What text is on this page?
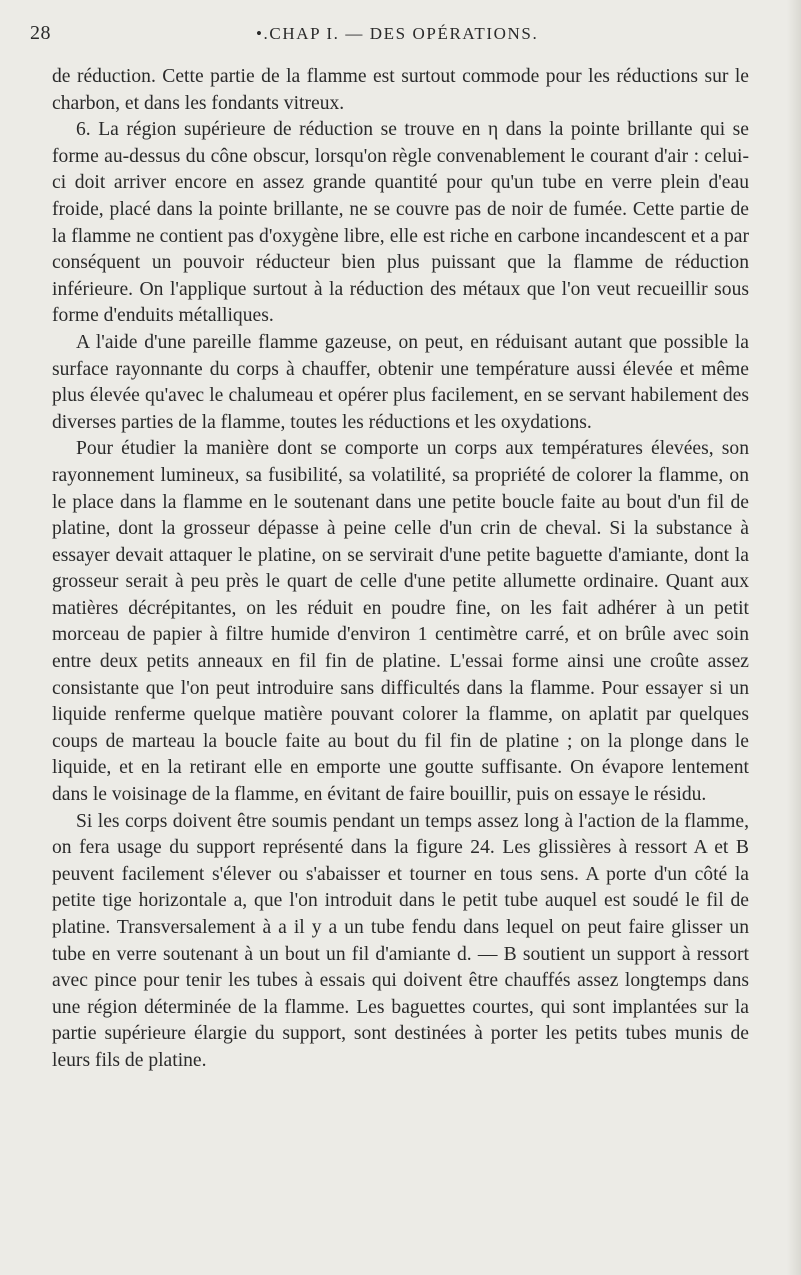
28	•.CHAP I. — DES OPÉRATIONS.

de réduction. Cette partie de la flamme est surtout commode pour les réductions sur le charbon, et dans les fondants vitreux.

6. La région supérieure de réduction se trouve en η dans la pointe brillante qui se forme au-dessus du cône obscur, lorsqu'on règle convenablement le courant d'air : celui-ci doit arriver encore en assez grande quantité pour qu'un tube en verre plein d'eau froide, placé dans la pointe brillante, ne se couvre pas de noir de fumée. Cette partie de la flamme ne contient pas d'oxygène libre, elle est riche en carbone incandescent et a par conséquent un pouvoir réducteur bien plus puissant que la flamme de réduction inférieure. On l'applique surtout à la réduction des métaux que l'on veut recueillir sous forme d'enduits métalliques.

A l'aide d'une pareille flamme gazeuse, on peut, en réduisant autant que possible la surface rayonnante du corps à chauffer, obtenir une température aussi élevée et même plus élevée qu'avec le chalumeau et opérer plus facilement, en se servant habilement des diverses parties de la flamme, toutes les réductions et les oxydations.

Pour étudier la manière dont se comporte un corps aux températures élevées, son rayonnement lumineux, sa fusibilité, sa volatilité, sa propriété de colorer la flamme, on le place dans la flamme en le soutenant dans une petite boucle faite au bout d'un fil de platine, dont la grosseur dépasse à peine celle d'un crin de cheval. Si la substance à essayer devait attaquer le platine, on se servirait d'une petite baguette d'amiante, dont la grosseur serait à peu près le quart de celle d'une petite allumette ordinaire. Quant aux matières décrépitantes, on les réduit en poudre fine, on les fait adhérer à un petit morceau de papier à filtre humide d'environ 1 centimètre carré, et on brûle avec soin entre deux petits anneaux en fil fin de platine. L'essai forme ainsi une croûte assez consistante que l'on peut introduire sans difficultés dans la flamme. Pour essayer si un liquide renferme quelque matière pouvant colorer la flamme, on aplatit par quelques coups de marteau la boucle faite au bout du fil fin de platine ; on la plonge dans le liquide, et en la retirant elle en emporte une goutte suffisante. On évapore lentement dans le voisinage de la flamme, en évitant de faire bouillir, puis on essaye le résidu.

Si les corps doivent être soumis pendant un temps assez long à l'action de la flamme, on fera usage du support représenté dans la figure 24. Les glissières à ressort A et B peuvent facilement s'élever ou s'abaisser et tourner en tous sens. A porte d'un côté la petite tige horizontale a, que l'on introduit dans le petit tube auquel est soudé le fil de platine. Transversalement à a il y a un tube fendu dans lequel on peut faire glisser un tube en verre soutenant à un bout un fil d'amiante d. — B soutient un support à ressort avec pince pour tenir les tubes à essais qui doivent être chauffés assez longtemps dans une région déterminée de la flamme. Les baguettes courtes, qui sont implantées sur la partie supérieure élargie du support, sont destinées à porter les petits tubes munis de leurs fils de platine.
